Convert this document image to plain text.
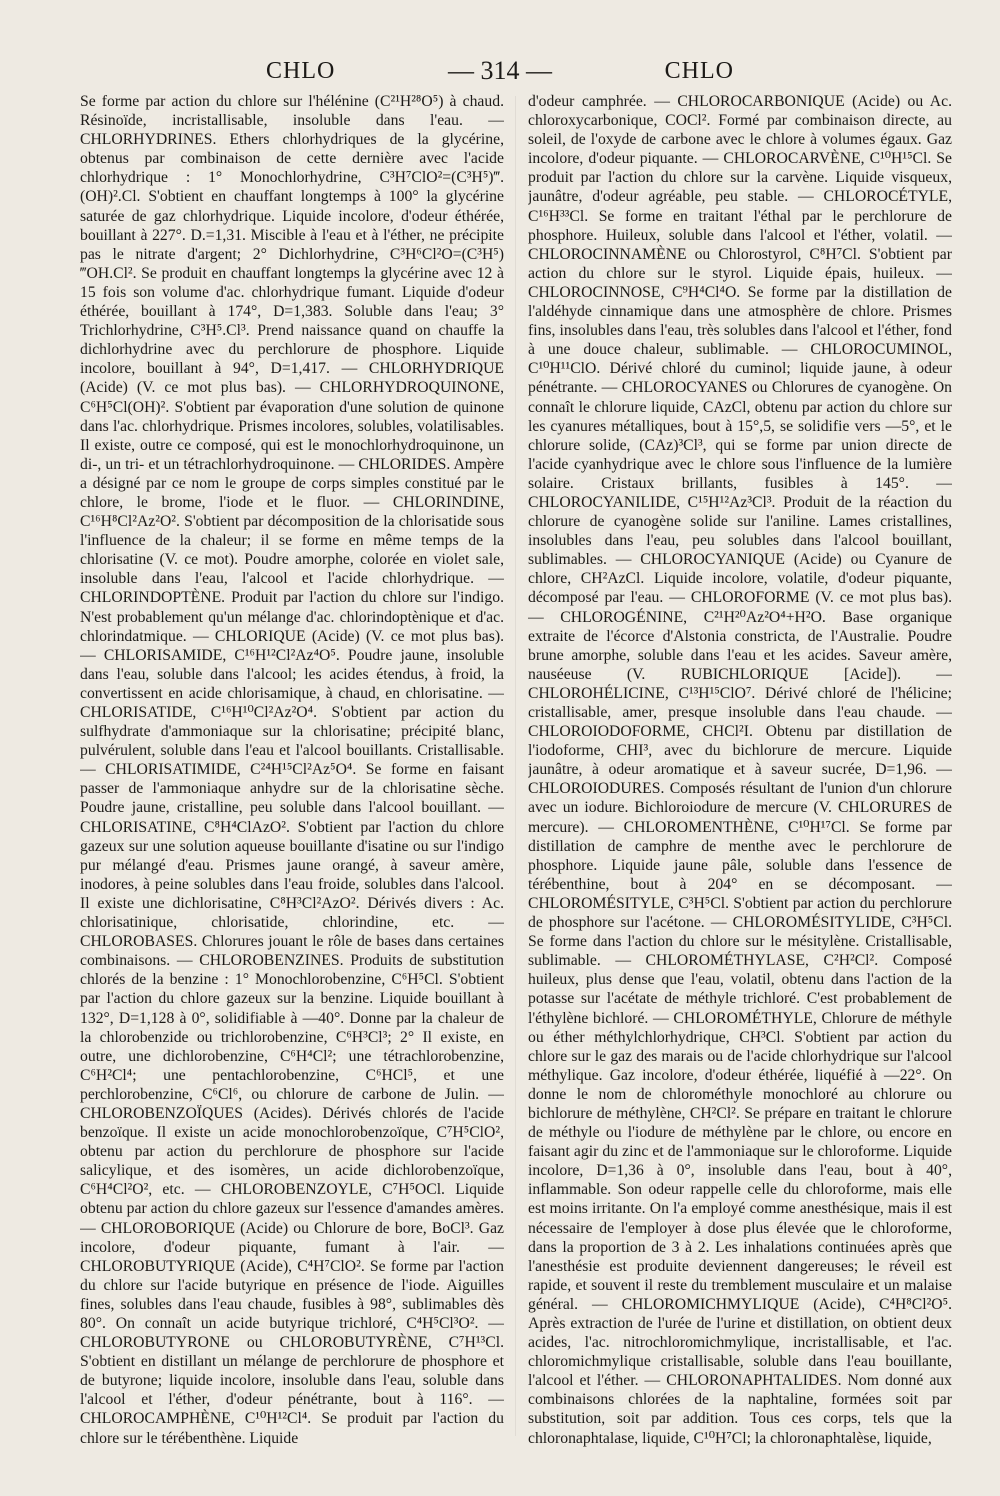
CHLO	— 314 —	CHLO

Se forme par action du chlore sur l'hélénine (C²¹H²⁸O⁵) à chaud. Résinoïde, incristallisable, insoluble dans l'eau. — CHLORHYDRINES. Ethers chlorhydriques de la glycérine, obtenus par combinaison de cette dernière avec l'acide chlorhydrique : 1° Monochlorhydrine, C³H⁷ClO²=(C³H⁵)‴.(OH)².Cl. S'obtient en chauffant longtemps à 100° la glycérine saturée de gaz chlorhydrique. Liquide incolore, d'odeur éthérée, bouillant à 227°. D.=1,31. Miscible à l'eau et à l'éther, ne précipite pas le nitrate d'argent; 2° Dichlorhydrine, C³H⁶Cl²O=(C³H⁵)‴OH.Cl². Se produit en chauffant longtemps la glycérine avec 12 à 15 fois son volume d'ac. chlorhydrique fumant. Liquide d'odeur éthérée, bouillant à 174°, D=1,383. Soluble dans l'eau; 3° Trichlorhydrine, C³H⁵.Cl³. Prend naissance quand on chauffe la dichlorhydrine avec du perchlorure de phosphore. Liquide incolore, bouillant à 94°, D=1,417. — CHLORHYDRIQUE (Acide) (V. ce mot plus bas). — CHLORHYDROQUINONE, C⁶H⁵Cl(OH)². S'obtient par évaporation d'une solution de quinone dans l'ac. chlorhydrique. Prismes incolores, solubles, volatilisables. Il existe, outre ce composé, qui est le monochlorhydroquinone, un di-, un tri- et un tétrachlorhydroquinone. — CHLORIDES. Ampère a désigné par ce nom le groupe de corps simples constitué par le chlore, le brome, l'iode et le fluor. — CHLORINDINE, C¹⁶H⁸Cl²Az²O². S'obtient par décomposition de la chlorisatide sous l'influence de la chaleur; il se forme en même temps de la chlorisatine (V. ce mot). Poudre amorphe, colorée en violet sale, insoluble dans l'eau, l'alcool et l'acide chlorhydrique. — CHLORINDOPTÈNE. Produit par l'action du chlore sur l'indigo. N'est probablement qu'un mélange d'ac. chlorindoptènique et d'ac. chlorindatmique. — CHLORIQUE (Acide) (V. ce mot plus bas). — CHLORISAMIDE, C¹⁶H¹²Cl²Az⁴O⁵. Poudre jaune, insoluble dans l'eau, soluble dans l'alcool; les acides étendus, à froid, la convertissent en acide chlorisamique, à chaud, en chlorisatine. — CHLORISATIDE, C¹⁶H¹⁰Cl²Az²O⁴. S'obtient par action du sulfhydrate d'ammoniaque sur la chlorisatine; précipité blanc, pulvérulent, soluble dans l'eau et l'alcool bouillants. Cristallisable. — CHLORISATIMIDE, C²⁴H¹⁵Cl²Az⁵O⁴. Se forme en faisant passer de l'ammoniaque anhydre sur de la chlorisatine sèche. Poudre jaune, cristalline, peu soluble dans l'alcool bouillant. — CHLORISATINE, C⁸H⁴ClAzO². S'obtient par l'action du chlore gazeux sur une solution aqueuse bouillante d'isatine ou sur l'indigo pur mélangé d'eau. Prismes jaune orangé, à saveur amère, inodores, à peine solubles dans l'eau froide, solubles dans l'alcool. Il existe une dichlorisatine, C⁸H³Cl²AzO². Dérivés divers : Ac. chlorisatinique, chlorisatide, chlorindine, etc. — CHLOROBASES. Chlorures jouant le rôle de bases dans certaines combinaisons. — CHLOROBENZINES. Produits de substitution chlorés de la benzine : 1° Monochlorobenzine, C⁶H⁵Cl. S'obtient par l'action du chlore gazeux sur la benzine. Liquide bouillant à 132°, D=1,128 à 0°, solidifiable à —40°. Donne par la chaleur de la chlorobenzide ou trichlorobenzine, C⁶H³Cl³; 2° Il existe, en outre, une dichlorobenzine, C⁶H⁴Cl²; une tétrachlorobenzine, C⁶H²Cl⁴; une pentachlorobenzine, C⁶HCl⁵, et une perchlorobenzine, C⁶Cl⁶, ou chlorure de carbone de Julin. — CHLOROBENZOÏQUES (Acides). Dérivés chlorés de l'acide benzoïque. Il existe un acide monochlorobenzoïque, C⁷H⁵ClO², obtenu par action du perchlorure de phosphore sur l'acide salicylique, et des isomères, un acide dichlorobenzoïque, C⁶H⁴Cl²O², etc. — CHLOROBENZOYLE, C⁷H⁵OCl. Liquide obtenu par action du chlore gazeux sur l'essence d'amandes amères. — CHLOROBORIQUE (Acide) ou Chlorure de bore, BoCl³. Gaz incolore, d'odeur piquante, fumant à l'air. — CHLOROBUTYRIQUE (Acide), C⁴H⁷ClO². Se forme par l'action du chlore sur l'acide butyrique en présence de l'iode. Aiguilles fines, solubles dans l'eau chaude, fusibles à 98°, sublimables dès 80°. On connaît un acide butyrique trichloré, C⁴H⁵Cl³O². — CHLOROBUTYRONE ou CHLOROBUTYRÈNE, C⁷H¹³Cl. S'obtient en distillant un mélange de perchlorure de phosphore et de butyrone; liquide incolore, insoluble dans l'eau, soluble dans l'alcool et l'éther, d'odeur pénétrante, bout à 116°. — CHLOROCAMPHÈNE, C¹⁰H¹²Cl⁴. Se produit par l'action du chlore sur le térébenthène. Liquide

d'odeur camphrée. — CHLOROCARBONIQUE (Acide) ou Ac. chloroxycarbonique, COCl². Formé par combinaison directe, au soleil, de l'oxyde de carbone avec le chlore à volumes égaux. Gaz incolore, d'odeur piquante. — CHLOROCARVÈNE, C¹⁰H¹⁵Cl. Se produit par l'action du chlore sur la carvène. Liquide visqueux, jaunâtre, d'odeur agréable, peu stable. — CHLOROCÉTYLE, C¹⁶H³³Cl. Se forme en traitant l'éthal par le perchlorure de phosphore. Huileux, soluble dans l'alcool et l'éther, volatil. — CHLOROCINNAMÈNE ou Chlorostyrol, C⁸H⁷Cl. S'obtient par action du chlore sur le styrol. Liquide épais, huileux. — CHLOROCINNOSE, C⁹H⁴Cl⁴O. Se forme par la distillation de l'aldéhyde cinnamique dans une atmosphère de chlore. Prismes fins, insolubles dans l'eau, très solubles dans l'alcool et l'éther, fond à une douce chaleur, sublimable. — CHLOROCUMINOL, C¹⁰H¹¹ClO. Dérivé chloré du cuminol; liquide jaune, à odeur pénétrante. — CHLOROCYANES ou Chlorures de cyanogène. On connaît le chlorure liquide, CAzCl, obtenu par action du chlore sur les cyanures métalliques, bout à 15°,5, se solidifie vers —5°, et le chlorure solide, (CAz)³Cl³, qui se forme par union directe de l'acide cyanhydrique avec le chlore sous l'influence de la lumière solaire. Cristaux brillants, fusibles à 145°. — CHLOROCYANILIDE, C¹⁵H¹²Az³Cl³. Produit de la réaction du chlorure de cyanogène solide sur l'aniline. Lames cristallines, insolubles dans l'eau, peu solubles dans l'alcool bouillant, sublimables. — CHLOROCYANIQUE (Acide) ou Cyanure de chlore, CH²AzCl. Liquide incolore, volatile, d'odeur piquante, décomposé par l'eau. — CHLOROFORME (V. ce mot plus bas). — CHLOROGÉNINE, C²¹H²⁰Az²O⁴+H²O. Base organique extraite de l'écorce d'Alstonia constricta, de l'Australie. Poudre brune amorphe, soluble dans l'eau et les acides. Saveur amère, nauséeuse (V. RUBICHLORIQUE [Acide]). — CHLOROHÉLICINE, C¹³H¹⁵ClO⁷. Dérivé chloré de l'hélicine; cristallisable, amer, presque insoluble dans l'eau chaude. — CHLOROIODOFORME, CHCl²I. Obtenu par distillation de l'iodoforme, CHI³, avec du bichlorure de mercure. Liquide jaunâtre, à odeur aromatique et à saveur sucrée, D=1,96. — CHLOROIODURES. Composés résultant de l'union d'un chlorure avec un iodure. Bichloroiodure de mercure (V. CHLORURES de mercure). — CHLOROMENTHÈNE, C¹⁰H¹⁷Cl. Se forme par distillation de camphre de menthe avec le perchlorure de phosphore. Liquide jaune pâle, soluble dans l'essence de térébenthine, bout à 204° en se décomposant. — CHLOROMÉSITYLE, C³H⁵Cl. S'obtient par action du perchlorure de phosphore sur l'acétone. — CHLOROMÉSITYLIDE, C³H⁵Cl. Se forme dans l'action du chlore sur le mésitylène. Cristallisable, sublimable. — CHLOROMÉTHYLASE, C²H²Cl². Composé huileux, plus dense que l'eau, volatil, obtenu dans l'action de la potasse sur l'acétate de méthyle trichloré. C'est probablement de l'éthylène bichloré. — CHLOROMÉTHYLE, Chlorure de méthyle ou éther méthylchlorhydrique, CH³Cl. S'obtient par action du chlore sur le gaz des marais ou de l'acide chlorhydrique sur l'alcool méthylique. Gaz incolore, d'odeur éthérée, liquéfié à —22°. On donne le nom de chlorométhyle monochloré au chlorure ou bichlorure de méthylène, CH²Cl². Se prépare en traitant le chlorure de méthyle ou l'iodure de méthylène par le chlore, ou encore en faisant agir du zinc et de l'ammoniaque sur le chloroforme. Liquide incolore, D=1,36 à 0°, insoluble dans l'eau, bout à 40°, inflammable. Son odeur rappelle celle du chloroforme, mais elle est moins irritante. On l'a employé comme anesthésique, mais il est nécessaire de l'employer à dose plus élevée que le chloroforme, dans la proportion de 3 à 2. Les inhalations continuées après que l'anesthésie est produite deviennent dangereuses; le réveil est rapide, et souvent il reste du tremblement musculaire et un malaise général. — CHLOROMICHMYLIQUE (Acide), C⁴H⁸Cl²O⁵. Après extraction de l'urée de l'urine et distillation, on obtient deux acides, l'ac. nitrochloromichmylique, incristallisable, et l'ac. chloromichmylique cristallisable, soluble dans l'eau bouillante, l'alcool et l'éther. — CHLORONAPHTALIDES. Nom donné aux combinaisons chlorées de la naphtaline, formées soit par substitution, soit par addition. Tous ces corps, tels que la chloronaphtalase, liquide, C¹⁰H⁷Cl; la chloronaphtalèse, liquide,
